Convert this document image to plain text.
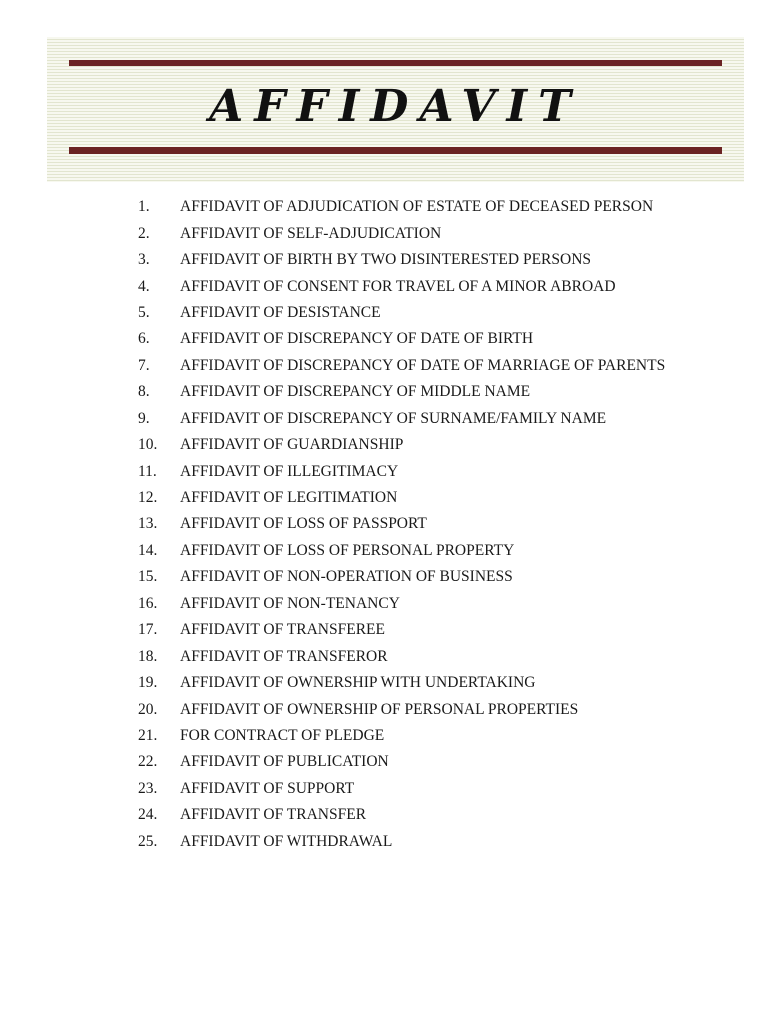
AFFIDAVIT
1.	AFFIDAVIT OF ADJUDICATION OF ESTATE OF DECEASED PERSON
2.	AFFIDAVIT OF SELF-ADJUDICATION
3.	AFFIDAVIT OF BIRTH BY TWO DISINTERESTED PERSONS
4.	AFFIDAVIT OF CONSENT FOR TRAVEL OF A MINOR ABROAD
5.	AFFIDAVIT OF DESISTANCE
6.	AFFIDAVIT OF DISCREPANCY OF DATE OF BIRTH
7.	AFFIDAVIT OF DISCREPANCY OF DATE OF MARRIAGE OF PARENTS
8.	AFFIDAVIT OF DISCREPANCY OF MIDDLE NAME
9.	AFFIDAVIT OF DISCREPANCY OF SURNAME/FAMILY NAME
10.	AFFIDAVIT OF GUARDIANSHIP
11.	AFFIDAVIT OF ILLEGITIMACY
12.	AFFIDAVIT OF LEGITIMATION
13.	AFFIDAVIT OF LOSS OF PASSPORT
14.	AFFIDAVIT OF LOSS OF PERSONAL PROPERTY
15.	AFFIDAVIT OF NON-OPERATION OF BUSINESS
16.	AFFIDAVIT OF NON-TENANCY
17.	AFFIDAVIT OF TRANSFEREE
18.	AFFIDAVIT OF TRANSFEROR
19.	AFFIDAVIT OF OWNERSHIP WITH UNDERTAKING
20.	AFFIDAVIT OF OWNERSHIP OF PERSONAL PROPERTIES
21.	FOR CONTRACT OF PLEDGE
22.	AFFIDAVIT OF PUBLICATION
23.	AFFIDAVIT OF SUPPORT
24.	AFFIDAVIT OF TRANSFER
25.	AFFIDAVIT OF WITHDRAWAL
